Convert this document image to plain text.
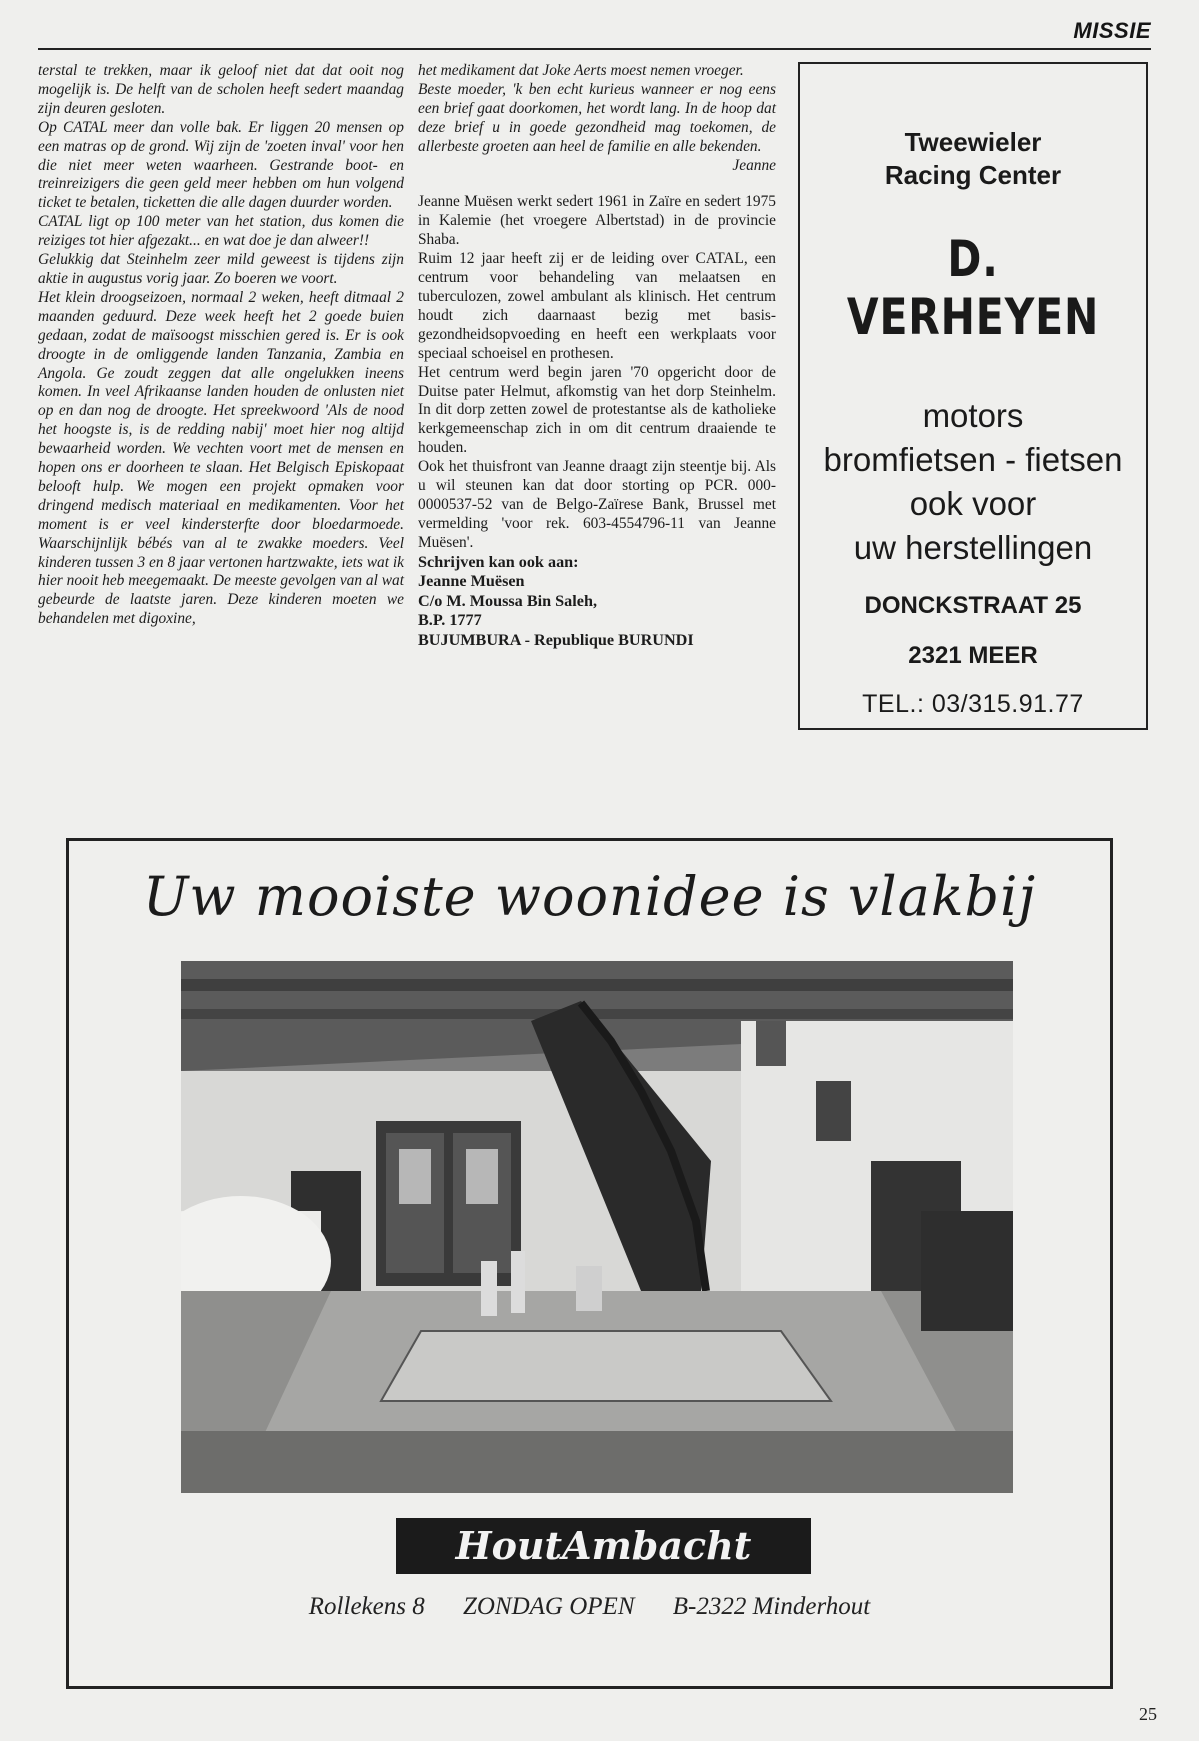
MISSIE

terstal te trekken, maar ik geloof niet dat dat ooit nog mogelijk is. De helft van de scholen heeft sedert maandag zijn deuren gesloten.

Op CATAL meer dan volle bak. Er liggen 20 mensen op een matras op de grond. Wij zijn de 'zoeten inval' voor hen die niet meer weten waarheen. Gestrande boot- en treinreizigers die geen geld meer hebben om hun volgend ticket te betalen, ticketten die alle dagen duurder worden.

CATAL ligt op 100 meter van het station, dus komen die reiziges tot hier afgezakt... en wat doe je dan alweer!!

Gelukkig dat Steinhelm zeer mild geweest is tijdens zijn aktie in augustus vorig jaar. Zo boeren we voort.

Het klein droogseizoen, normaal 2 weken, heeft ditmaal 2 maanden geduurd. Deze week heeft het 2 goede buien gedaan, zodat de maïsoogst misschien gered is. Er is ook droogte in de omliggende landen Tanzania, Zambia en Angola. Ge zoudt zeggen dat alle ongelukken ineens komen. In veel Afrikaanse landen houden de onlusten niet op en dan nog de droogte. Het spreekwoord 'Als de nood het hoogste is, is de redding nabij' moet hier nog altijd bewaarheid worden. We vechten voort met de mensen en hopen ons er doorheen te slaan. Het Belgisch Episkopaat belooft hulp. We mogen een projekt opmaken voor dringend medisch materiaal en medikamenten. Voor het moment is er veel kindersterfte door bloedarmoede. Waarschijnlijk bébés van al te zwakke moeders. Veel kinderen tussen 3 en 8 jaar vertonen hartzwakte, iets wat ik hier nooit heb meegemaakt. De meeste gevolgen van al wat gebeurde de laatste jaren. Deze kinderen moeten we behandelen met digoxine,

het medikament dat Joke Aerts moest nemen vroeger.

Beste moeder, 'k ben echt kurieus wanneer er nog eens een brief gaat doorkomen, het wordt lang. In de hoop dat deze brief u in goede gezondheid mag toekomen, de allerbeste groeten aan heel de familie en alle bekenden.

Jeanne

Jeanne Muësen werkt sedert 1961 in Zaïre en sedert 1975 in Kalemie (het vroegere Albertstad) in de provincie Shaba.

Ruim 12 jaar heeft zij er de leiding over CATAL, een centrum voor behandeling van melaatsen en tuberculozen, zowel ambulant als klinisch. Het centrum houdt zich daarnaast bezig met basis-gezondheidsopvoeding en heeft een werkplaats voor speciaal schoeisel en prothesen.

Het centrum werd begin jaren '70 opgericht door de Duitse pater Helmut, afkomstig van het dorp Steinhelm. In dit dorp zetten zowel de protestantse als de katholieke kerkgemeenschap zich in om dit centrum draaiende te houden.

Ook het thuisfront van Jeanne draagt zijn steentje bij. Als u wil steunen kan dat door storting op PCR. 000-0000537-52 van de Belgo-Zaïrese Bank, Brussel met vermelding 'voor rek. 603-4554796-11 van Jeanne Muësen'.

Schrijven kan ook aan:

Jeanne Muësen

C/o M. Moussa Bin Saleh,

B.P. 1777

BUJUMBURA - Republique BURUNDI

Tweewieler
Racing Center
D. VERHEYEN
motors
bromfietsen - fietsen
ook voor
uw herstellingen
DONCKSTRAAT 25
2321 MEER
TEL.: 03/315.91.77
Uw mooiste woonidee is vlakbij
HoutAmbacht
Rollekens 8 ZONDAG OPEN B-2322 Minderhout
25
